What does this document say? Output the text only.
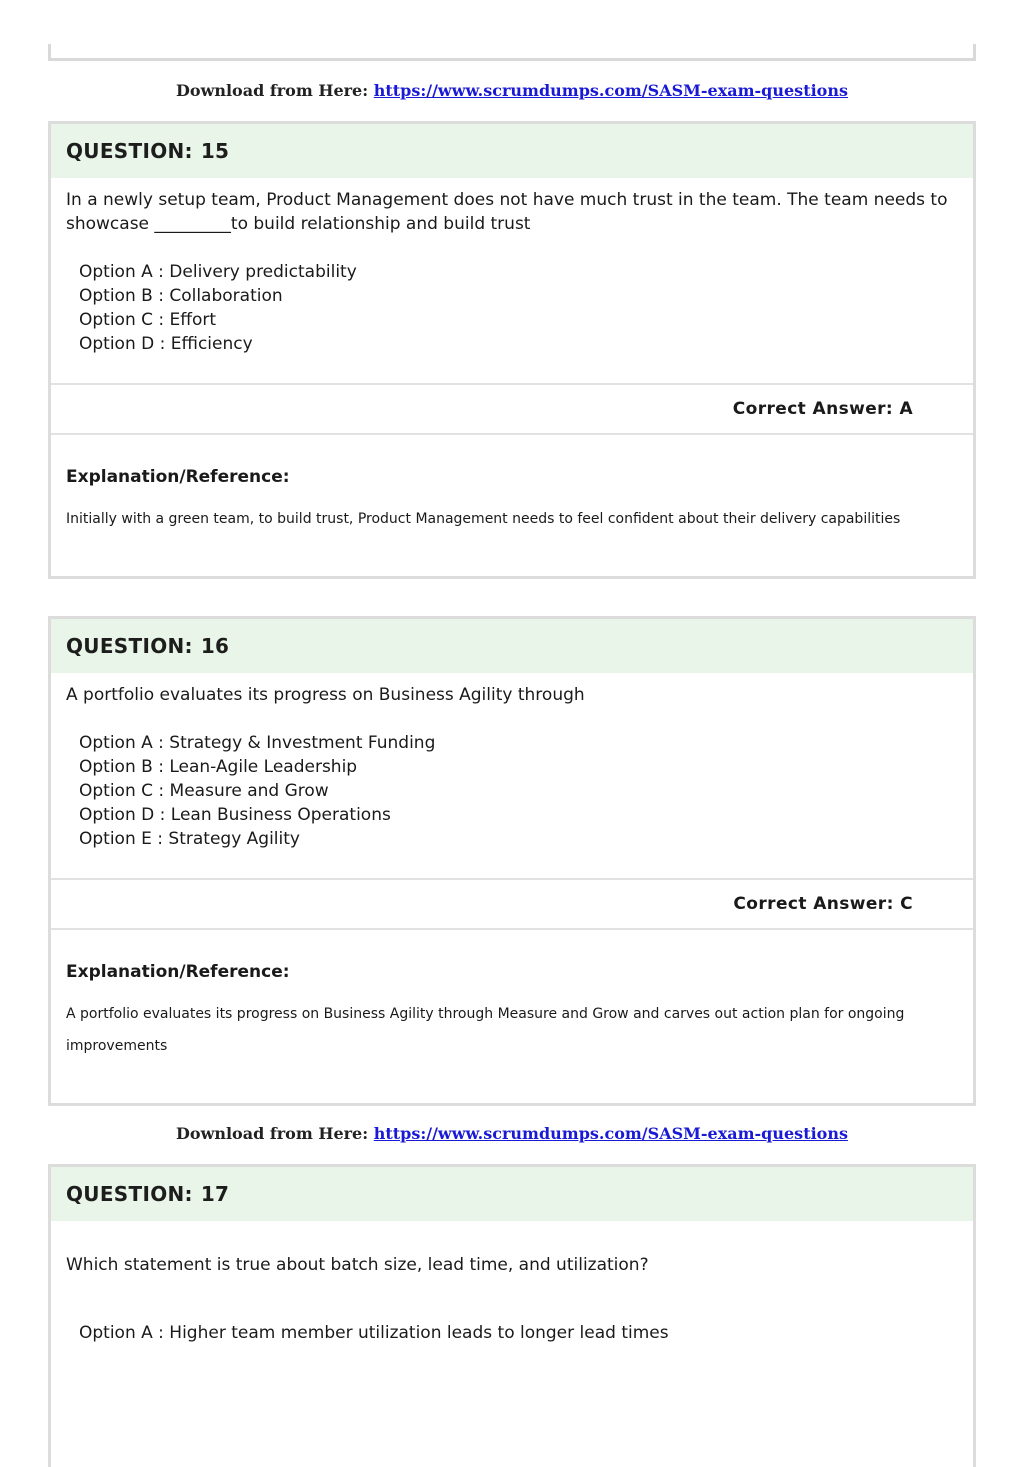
Download from Here: https://www.scrumdumps.com/SASM-exam-questions
QUESTION: 15

In a newly setup team, Product Management does not have much trust in the team. The team needs to showcase _________to build relationship and build trust

Option A : Delivery predictability
Option B : Collaboration
Option C : Effort
Option D : Efficiency
Correct Answer: A
Explanation/Reference:
Initially with a green team, to build trust, Product Management needs to feel confident about their delivery capabilities
QUESTION: 16

A portfolio evaluates its progress on Business Agility through

Option A : Strategy & Investment Funding
Option B : Lean-Agile Leadership
Option C : Measure and Grow
Option D : Lean Business Operations
Option E : Strategy Agility
Correct Answer: C
Explanation/Reference:
A portfolio evaluates its progress on Business Agility through Measure and Grow and carves out action plan for ongoing improvements
Download from Here: https://www.scrumdumps.com/SASM-exam-questions
QUESTION: 17

Which statement is true about batch size, lead time, and utilization?

Option A : Higher team member utilization leads to longer lead times
